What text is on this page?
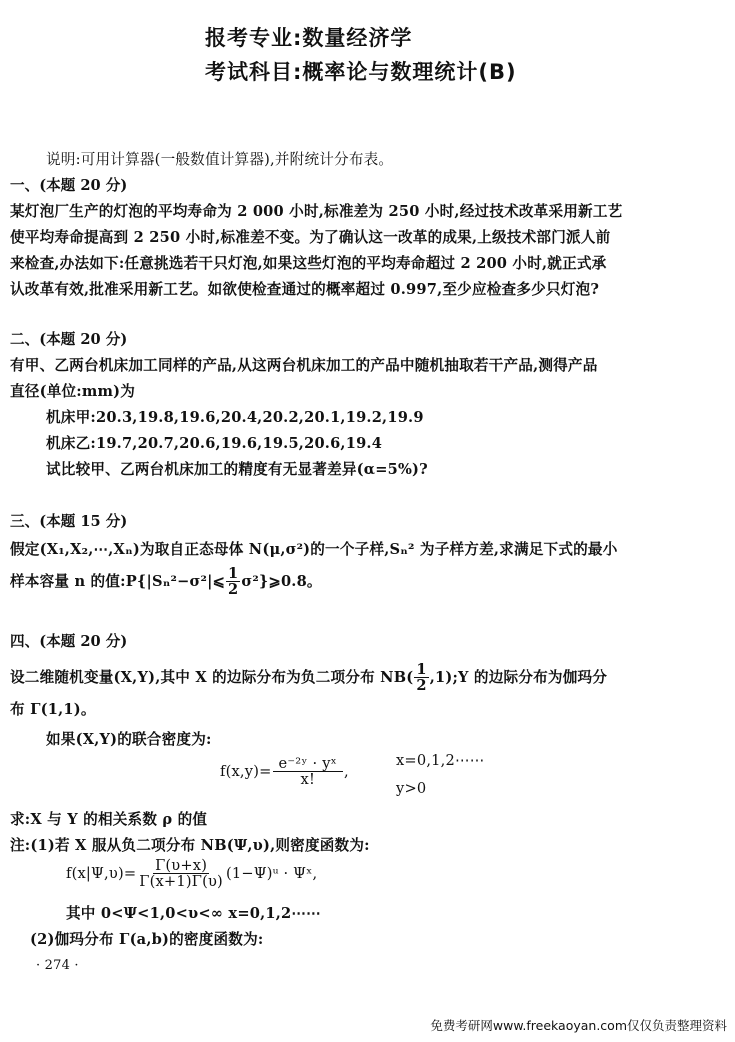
报考专业:数量经济学
考试科目:概率论与数理统计(B)
说明:可用计算器(一般数值计算器),并附统计分布表。
一、(本题 20 分)
某灯泡厂生产的灯泡的平均寿命为 2 000 小时,标准差为 250 小时,经过技术改革采用新工艺
使平均寿命提高到 2 250 小时,标准差不变。为了确认这一改革的成果,上级技术部门派人前
来检查,办法如下:任意挑选若干只灯泡,如果这些灯泡的平均寿命超过 2 200 小时,就正式承
认改革有效,批准采用新工艺。如欲使检查通过的概率超过 0.997,至少应检查多少只灯泡?
二、(本题 20 分)
有甲、乙两台机床加工同样的产品,从这两台机床加工的产品中随机抽取若干产品,测得产品
直径(单位:mm)为
机床甲:20.3,19.8,19.6,20.4,20.2,20.1,19.2,19.9
机床乙:19.7,20.7,20.6,19.6,19.5,20.6,19.4
试比较甲、乙两台机床加工的精度有无显著差异(α=5%)?
三、(本题 15 分)
假定(X₁,X₂,⋯,Xₙ)为取自正态母体 N(μ,σ²)的一个子样,Sₙ² 为子样方差,求满足下式的最小
样本容量 n 的值:P{|Sₙ²−σ²|⩽ $\frac{1}{2}$ σ²}⩾0.8。
四、(本题 20 分)
设二维随机变量(X,Y),其中 X 的边际分布为负二项分布 $NB( \frac{1}{2}$ ,1);Y 的边际分布为伽玛分
布 Γ(1,1)。
如果(X,Y)的联合密度为:
$f(x,y)= \frac{\text{e⁻²ʸ · yˣ}}{x!}$ ,
x=0,1,2⋯⋯
y>0
求:X 与 Y 的相关系数 ρ 的值
注:(1)若 X 服从负二项分布 NB(Ψ,υ),则密度函数为:
$f(x|\Psi,\upsilon)= \frac{\Gamma(\upsilon+x)}{\Gamma(x+1)\Gamma(\upsilon)}$ (1−Ψ)ᵘ · Ψˣ,
其中 0<Ψ<1,0<υ<∞ x=0,1,2⋯⋯
(2)伽玛分布 Γ(a,b)的密度函数为:
· 274 ·
免费考研网www.freekaoyan.com仅仅负责整理资料
